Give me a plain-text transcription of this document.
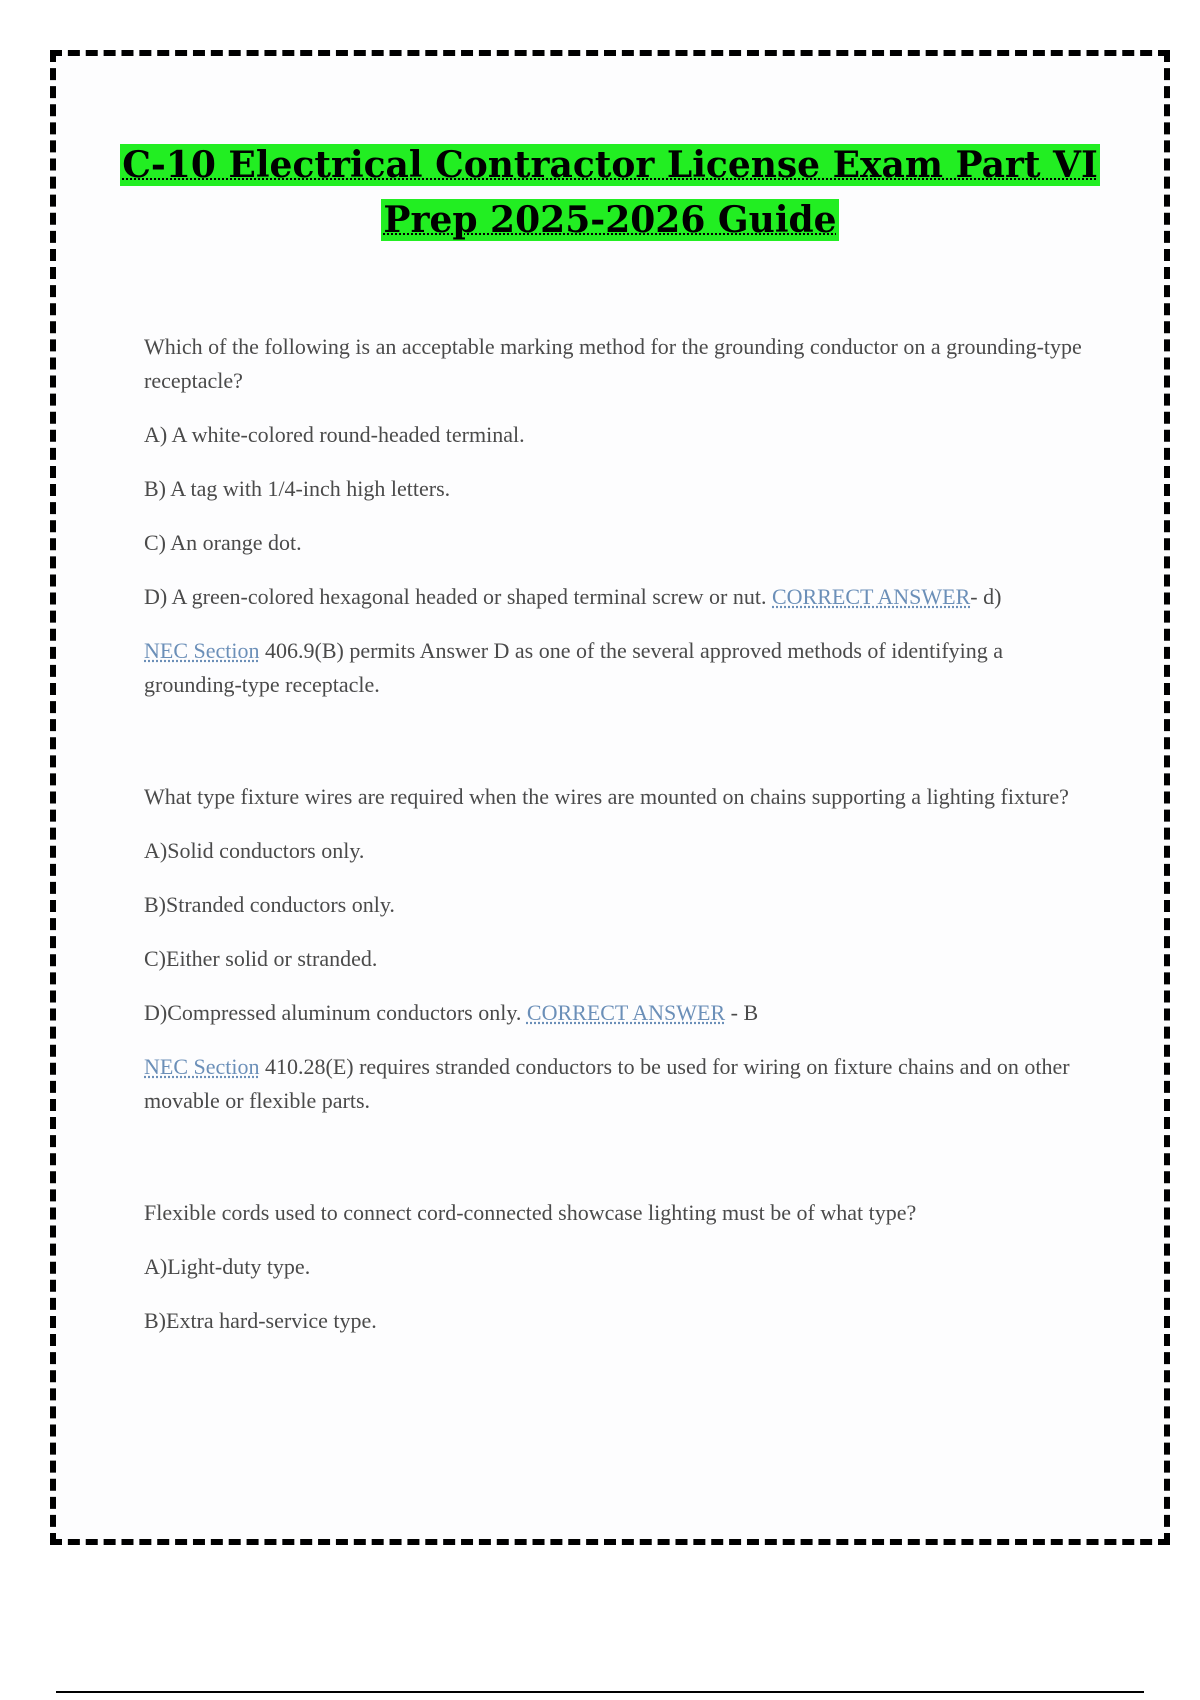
C-10 Electrical Contractor License Exam Part VI
Prep 2025-2026 Guide

Which of the following is an acceptable marking method for the grounding conductor on a grounding-type receptacle?

A) A white-colored round-headed terminal.

B) A tag with 1/4-inch high letters.

C) An orange dot.

D) A green-colored hexagonal headed or shaped terminal screw or nut. CORRECT ANSWER- d)

NEC Section 406.9(B) permits Answer D as one of the several approved methods of identifying a grounding-type receptacle.

What type fixture wires are required when the wires are mounted on chains supporting a lighting fixture?

A)Solid conductors only.

B)Stranded conductors only.

C)Either solid or stranded.

D)Compressed aluminum conductors only. CORRECT ANSWER - B

NEC Section 410.28(E) requires stranded conductors to be used for wiring on fixture chains and on other movable or flexible parts.

Flexible cords used to connect cord-connected showcase lighting must be of what type?

A)Light-duty type.

B)Extra hard-service type.
